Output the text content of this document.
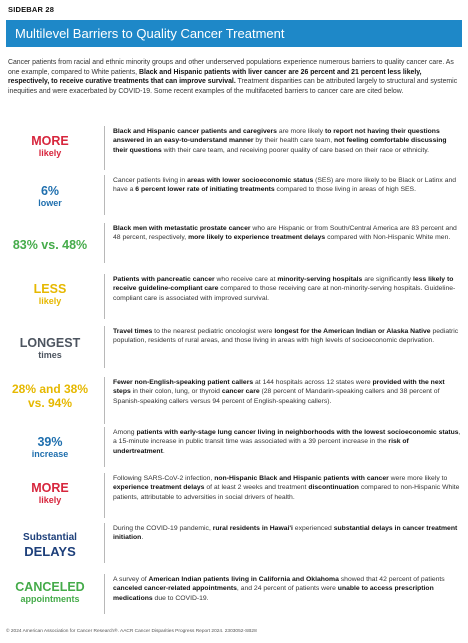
SIDEBAR 28
Multilevel Barriers to Quality Cancer Treatment
Cancer patients from racial and ethnic minority groups and other underserved populations experience numerous barriers to quality cancer care. As one example, compared to White patients, Black and Hispanic patients with liver cancer are 26 percent and 21 percent less likely, respectively, to receive curative treatments that can improve survival. Treatment disparities can be attributed largely to structural and systemic inequities and were exacerbated by COVID-19. Some recent examples of the multifaceted barriers to cancer care are cited below.
MORE
likely
Black and Hispanic cancer patients and caregivers are more likely to report not having their questions answered in an easy-to-understand manner by their health care team, not feeling comfortable discussing their questions with their care team, and receiving poorer quality of care based on their race or ethnicity.
6%
lower
Cancer patients living in areas with lower socioeconomic status (SES) are more likely to be Black or Latinx and have a 6 percent lower rate of initiating treatments compared to those living in areas of high SES.
83% vs. 48%
Black men with metastatic prostate cancer who are Hispanic or from South/Central America are 83 percent and 48 percent, respectively, more likely to experience treatment delays compared with Non-Hispanic White men.
LESS
likely
Patients with pancreatic cancer who receive care at minority-serving hospitals are significantly less likely to receive guideline-compliant care compared to those receiving care at non-minority-serving hospitals. Guideline-compliant care is associated with improved survival.
LONGEST
times
Travel times to the nearest pediatric oncologist were longest for the American Indian or Alaska Native pediatric population, residents of rural areas, and those living in areas with high levels of socioeconomic deprivation.
28% and 38%
vs. 94%
Fewer non-English-speaking patient callers at 144 hospitals across 12 states were provided with the next steps in their colon, lung, or thyroid cancer care (28 percent of Mandarin-speaking callers and 38 percent of Spanish-speaking callers versus 94 percent of English-speaking callers).
39%
increase
Among patients with early-stage lung cancer living in neighborhoods with the lowest socioeconomic status, a 15-minute increase in public transit time was associated with a 39 percent increase in the risk of undertreatment.
MORE
likely
Following SARS-CoV-2 infection, non-Hispanic Black and Hispanic patients with cancer were more likely to experience treatment delays of at least 2 weeks and treatment discontinuation compared to non-Hispanic White patients, attributable to adversities in social drivers of health.
Substantial
DELAYS
During the COVID-19 pandemic, rural residents in Hawai'i experienced substantial delays in cancer treatment initiation.
CANCELED
appointments
A survey of American Indian patients living in California and Oklahoma showed that 42 percent of patients canceled cancer-related appointments, and 24 percent of patients were unable to access prescription medications due to COVID-19.
© 2024 American Association for Cancer Research®. AACR Cancer Disparities Progress Report 2024. 2303052-SB28
